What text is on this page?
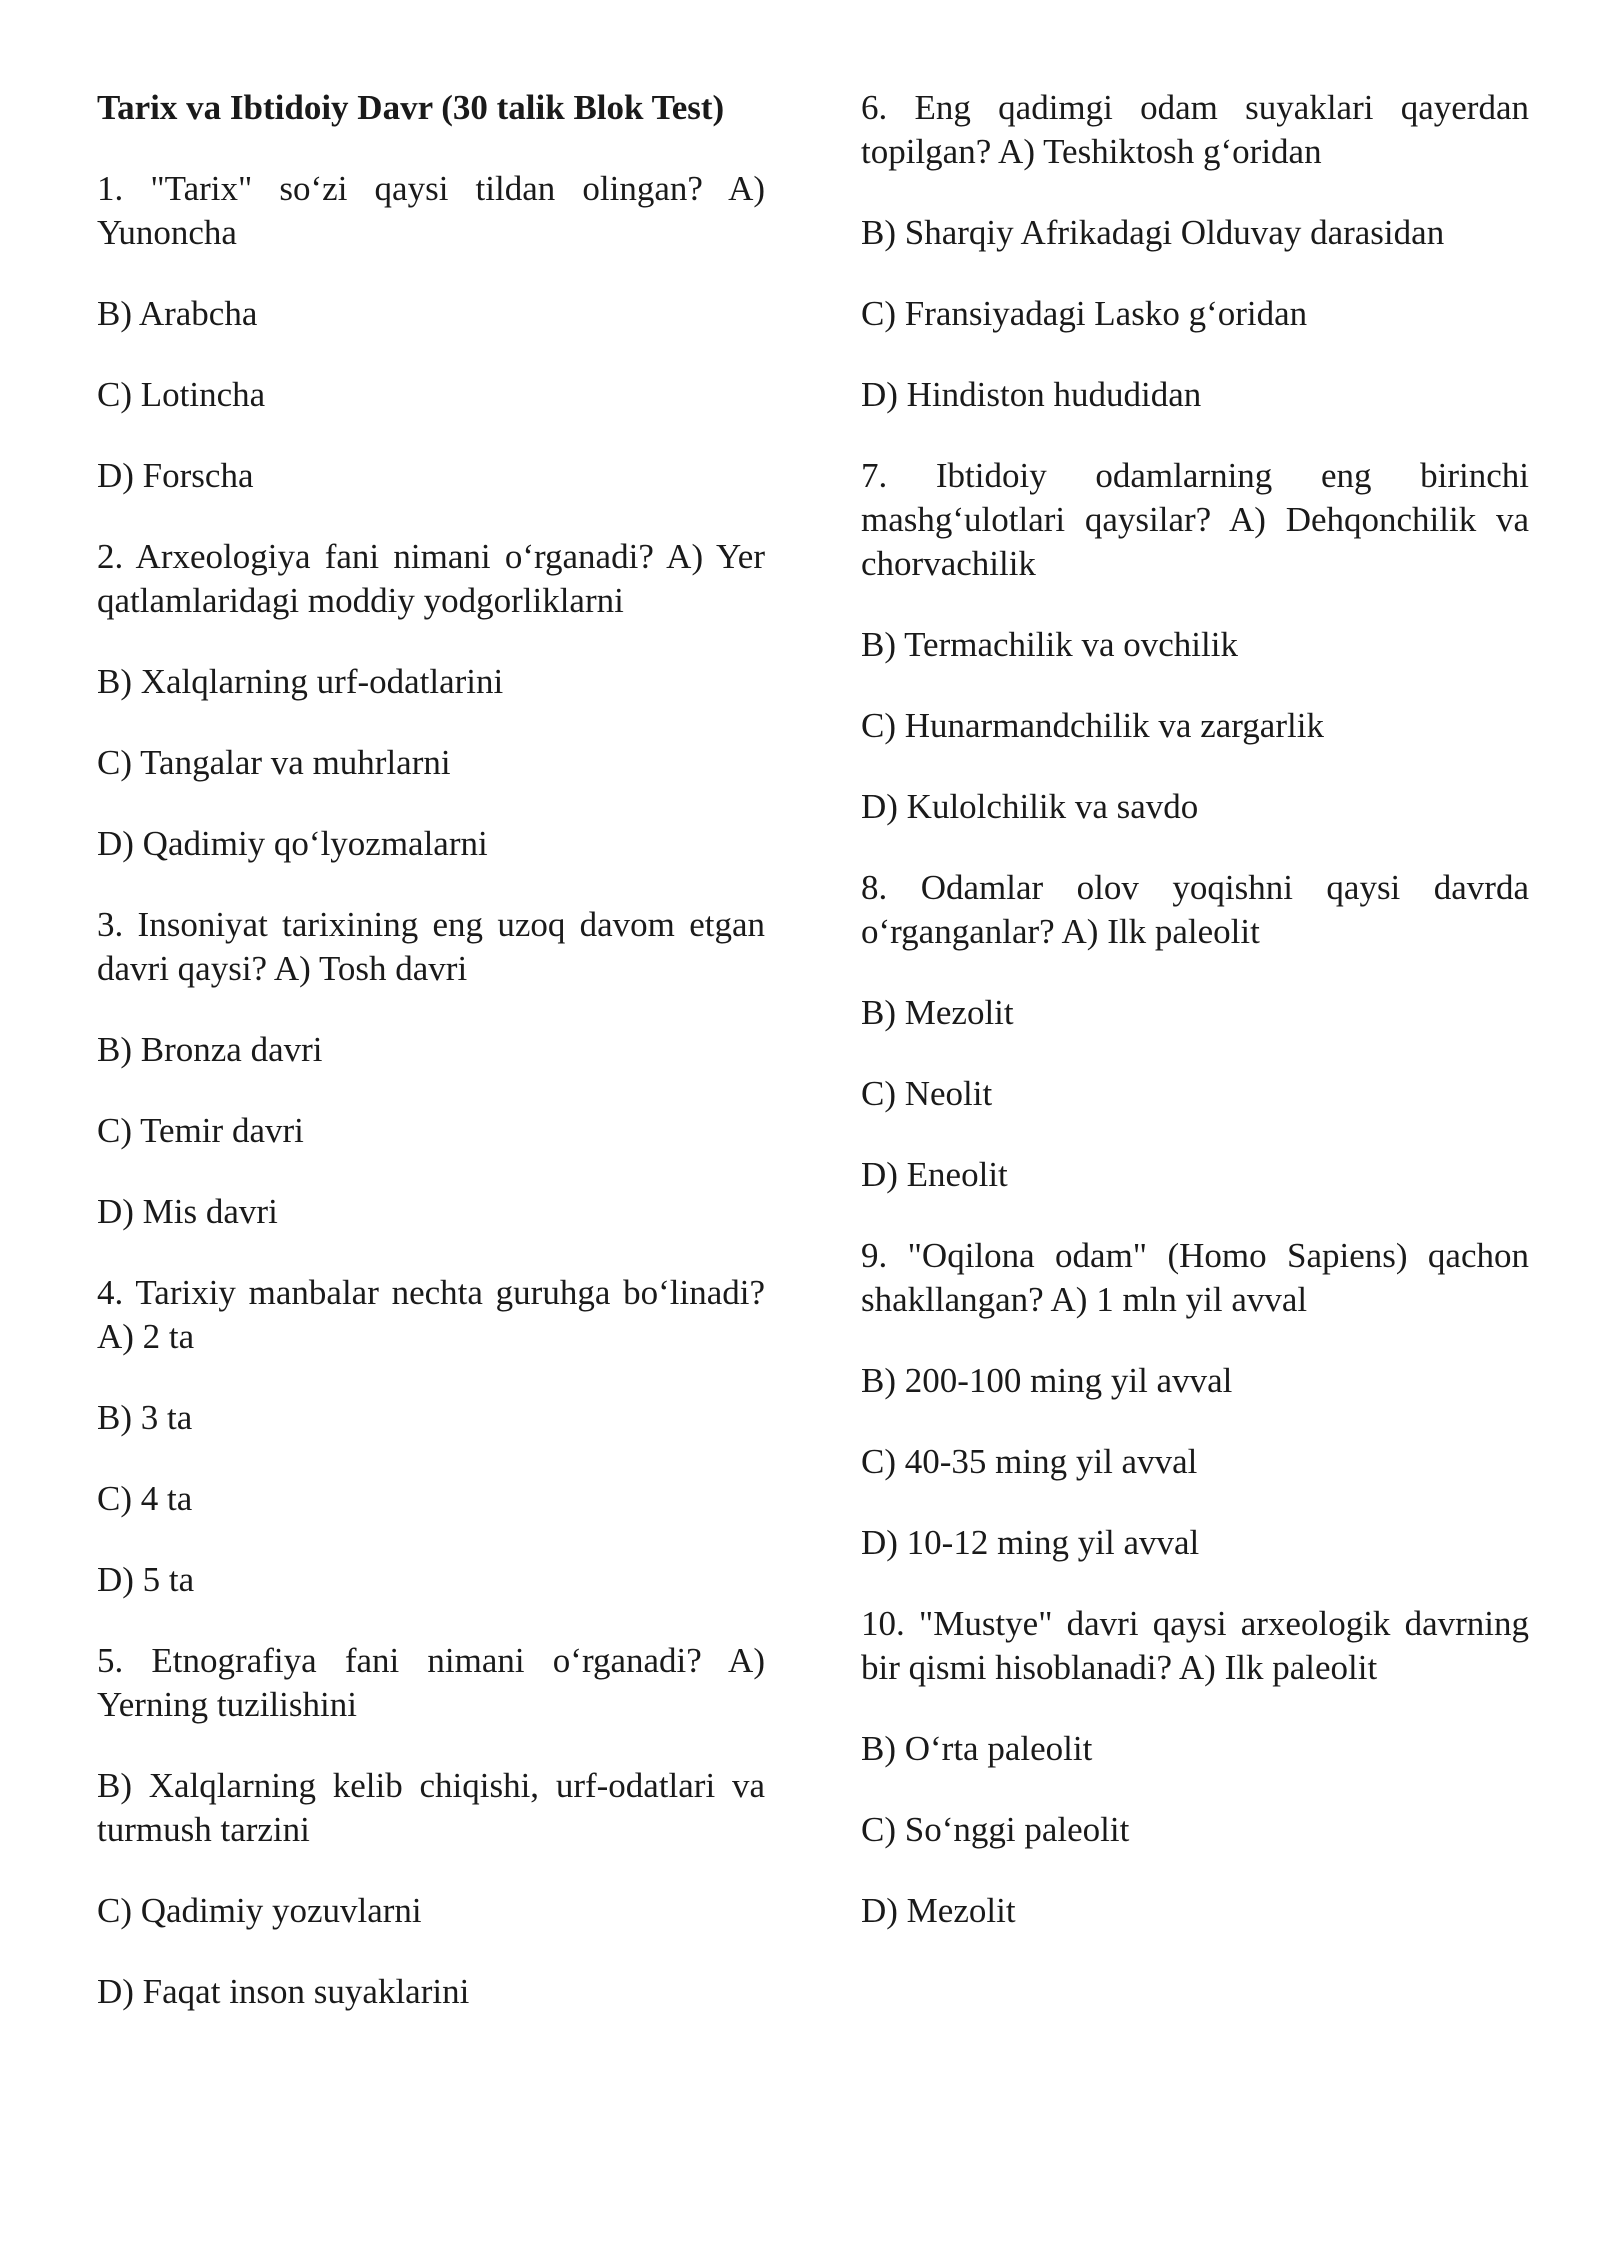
Tarix va Ibtidoiy Davr (30 talik Blok Test)

1. "Tarix" so‘zi qaysi tildan olingan? A) Yunoncha

B) Arabcha

C) Lotincha

D) Forscha

2. Arxeologiya fani nimani o‘rganadi? A) Yer qatlamlaridagi moddiy yodgorliklarni

B) Xalqlarning urf-odatlarini

C) Tangalar va muhrlarni

D) Qadimiy qo‘lyozmalarni

3. Insoniyat tarixining eng uzoq davom etgan davri qaysi? A) Tosh davri

B) Bronza davri

C) Temir davri

D) Mis davri

4. Tarixiy manbalar nechta guruhga bo‘linadi? A) 2 ta

B) 3 ta

C) 4 ta

D) 5 ta

5. Etnografiya fani nimani o‘rganadi? A) Yerning tuzilishini

B) Xalqlarning kelib chiqishi, urf-odatlari va turmush tarzini

C) Qadimiy yozuvlarni

D) Faqat inson suyaklarini

6. Eng qadimgi odam suyaklari qayerdan topilgan? A) Teshiktosh g‘oridan

B) Sharqiy Afrikadagi Olduvay darasidan

C) Fransiyadagi Lasko g‘oridan

D) Hindiston hududidan

7. Ibtidoiy odamlarning eng birinchi mashg‘ulotlari qaysilar? A) Dehqonchilik va chorvachilik

B) Termachilik va ovchilik

C) Hunarmandchilik va zargarlik

D) Kulolchilik va savdo

8. Odamlar olov yoqishni qaysi davrda o‘rganganlar? A) Ilk paleolit

B) Mezolit

C) Neolit

D) Eneolit

9. "Oqilona odam" (Homo Sapiens) qachon shakllangan? A) 1 mln yil avval

B) 200-100 ming yil avval

C) 40-35 ming yil avval

D) 10-12 ming yil avval

10. "Mustye" davri qaysi arxeologik davrning bir qismi hisoblanadi? A) Ilk paleolit

B) O‘rta paleolit

C) So‘nggi paleolit

D) Mezolit
